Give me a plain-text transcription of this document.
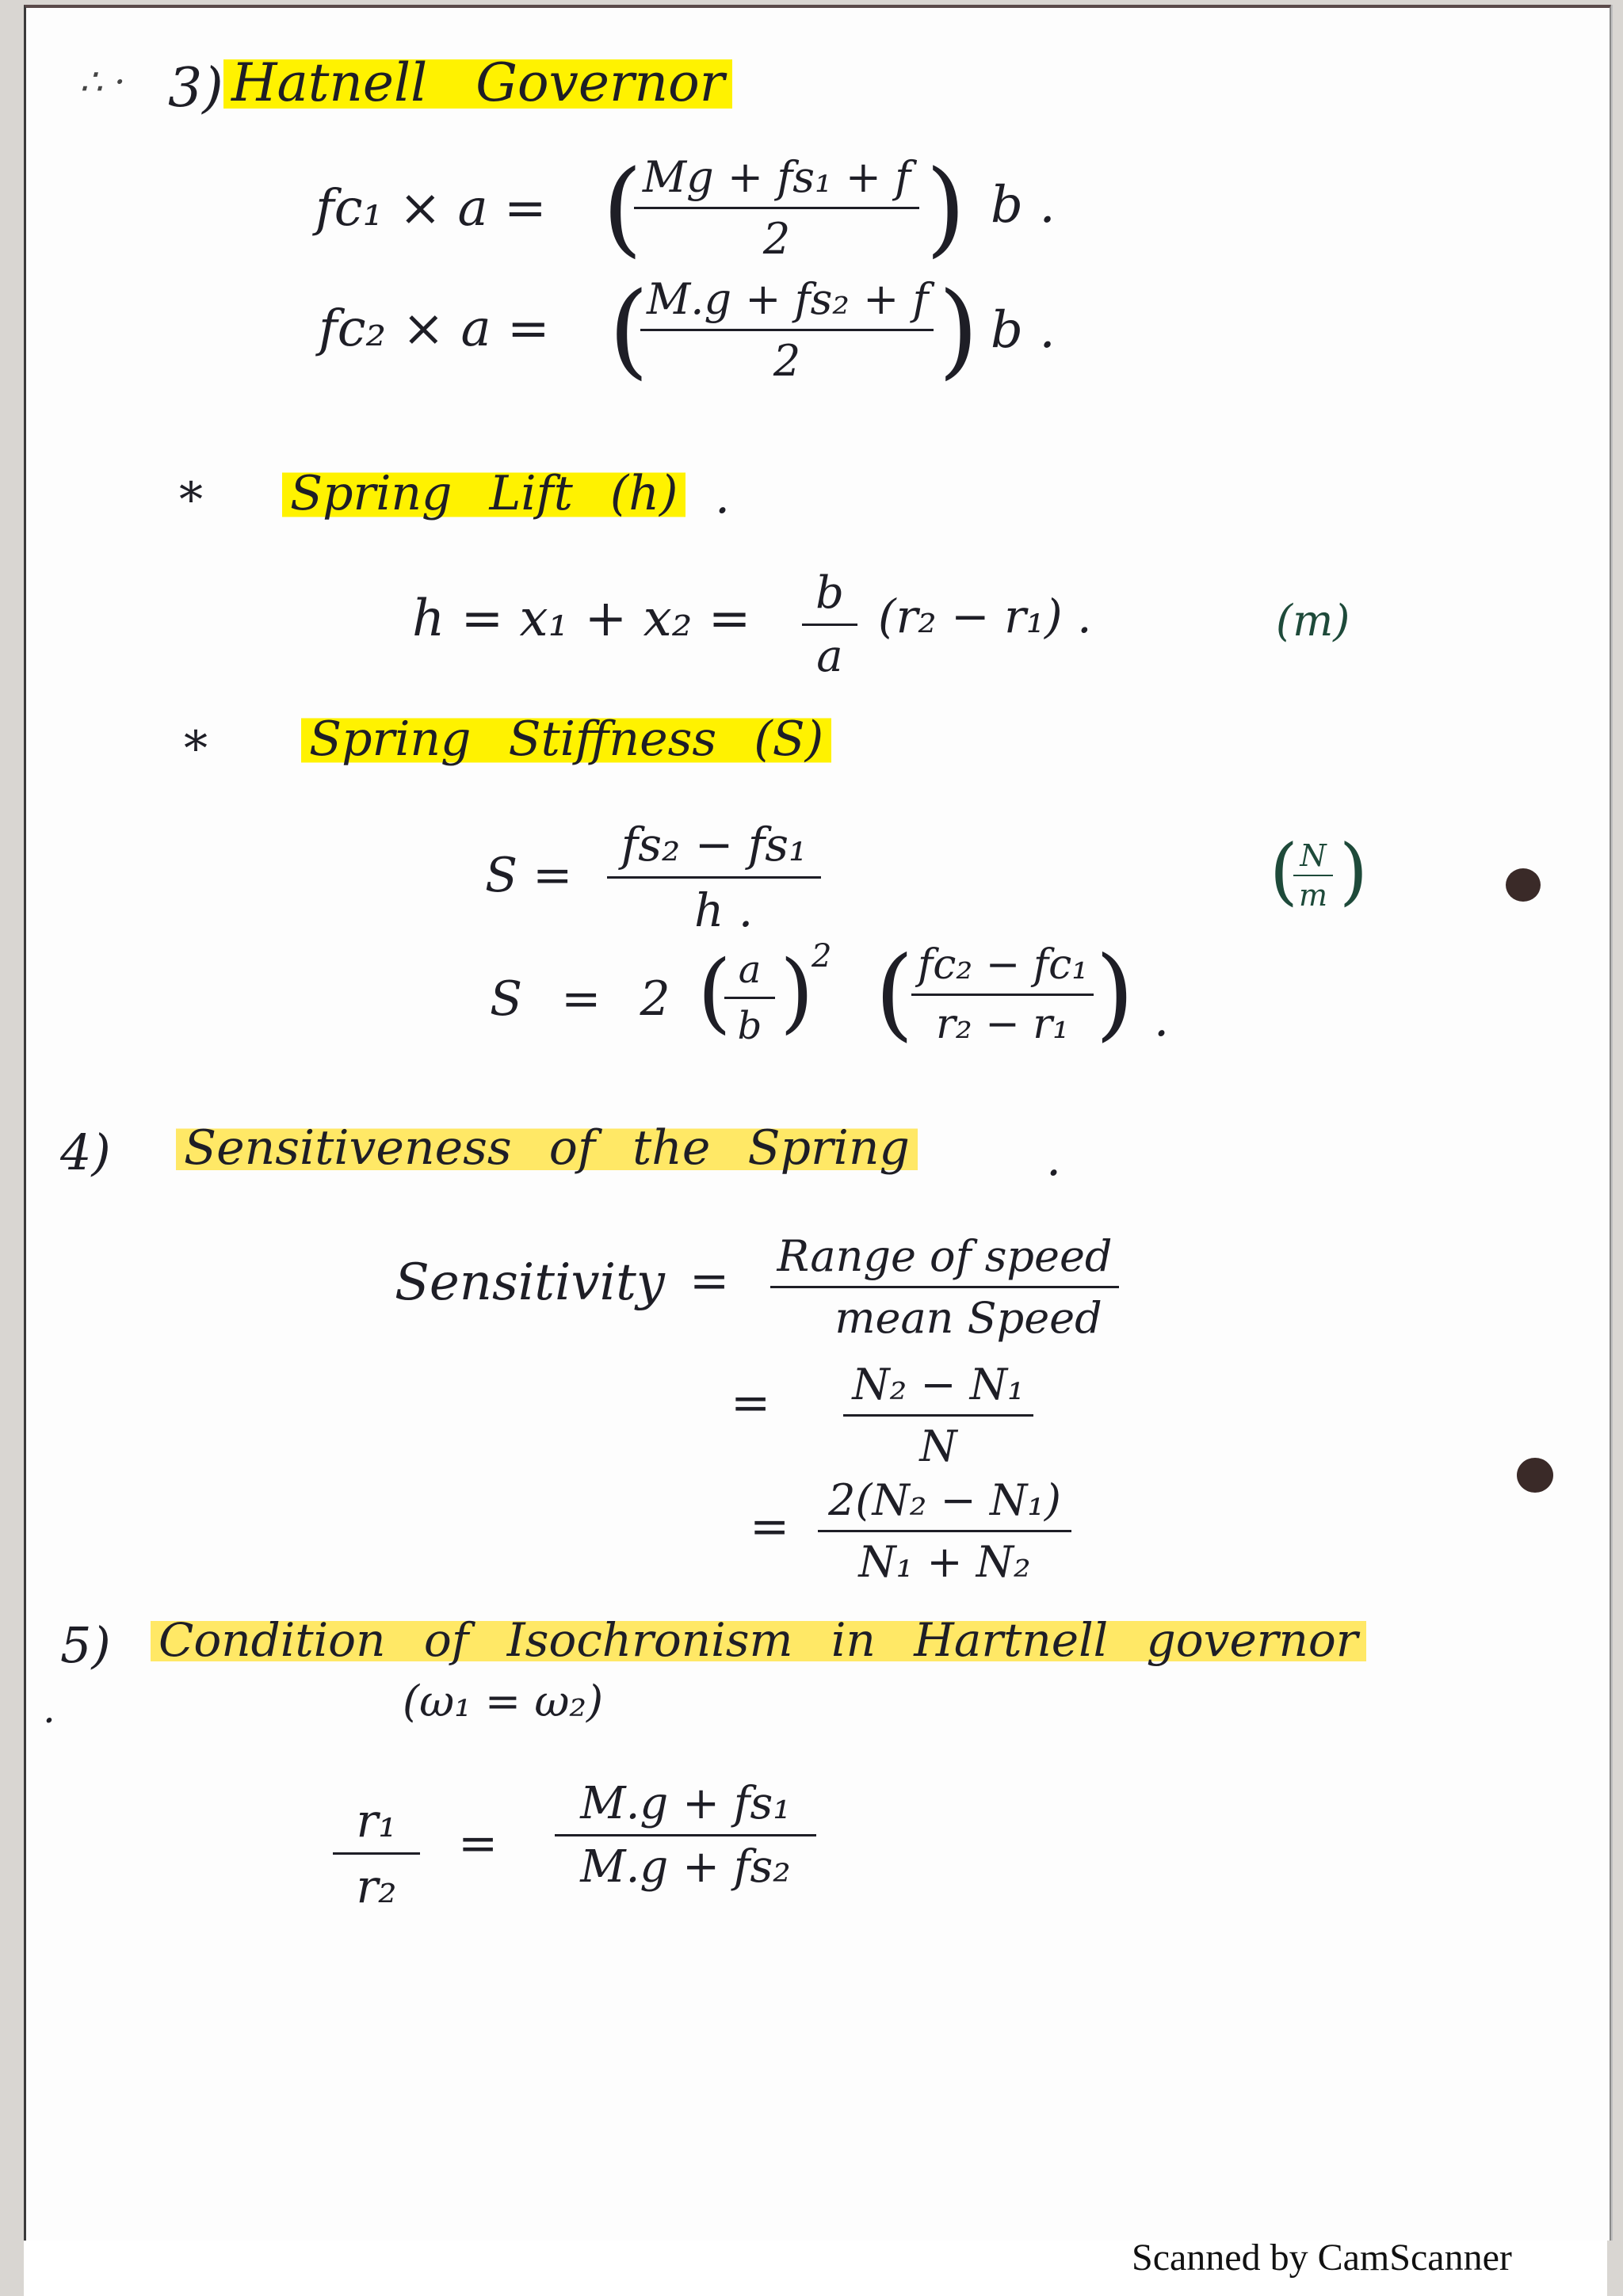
∴ · 3) Hatnell Governor
fc₁ × a = (
$\frac{\text{Mg + fs₁ + f}}{2}$ ) b .
fc₂ × a = (
$\frac{\text{M.g + fs₂ + f}}{2}$ ) b .
* Spring Lift (h) .
$h = x_1 + x_2 = \frac{b}{a} (r_2 - r_1)$ .	(m)
* Spring Stiffness (S)
$S = \frac{\text{fs₂ − fs₁}}{h .}$	(
$\frac{N}{m}$ )
S = 2 (
$\frac{a}{b}$ )
2 (
$\frac{\text{fc₂ − fc₁}}{\text{r₂ − r₁}}$ ) .
4) Sensitiveness of the Spring	.
Sensitivity = Range of speed
mean Speed
= $\frac{\text{N₂ − N₁}}{N}$
= $\frac{\text{2(N₂ − N₁)}}{\text{N₁ + N₂}}$
5) Condition of Isochronism in Hartnell governor
(ω₁ = ω₂)
.
$\frac{\text{r₁}}{\text{r₂}} = \frac{\text{M.g + fs₁}}{\text{M.g + fs₂}}$
Scanned by CamScanner
